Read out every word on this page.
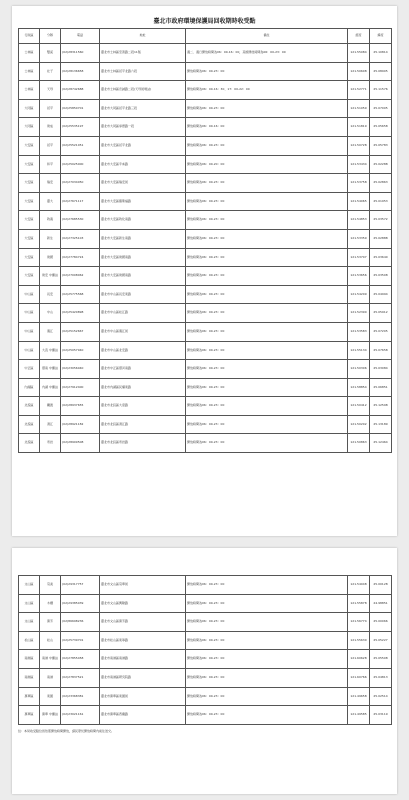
臺北市政府環境保護局回收期時收受點
行政區	分隊	電話	地址	備註	經度	緯度
士林區	雙溪	(02)28311560	臺北市士林區至善路二段11號	週二、週日開放時間為06：00-16：00，其餘開放時間為06：00-23：00	121.55084	25.10814
士林區	社子	(02)28136658	臺北市士林區延平北路六段	開放時間為06：00-23：00	121.50608	25.08905
士林區	天母	(02)28742688	臺北市士林區忠誠路二段(天母街場站)	開放時間為06：00-16：30、17：00-22：00	121.52771	25.11576
大同區	延平	(02)25850701	臺北市大同區延平北路三段	開放時間為06：00-23：00	121.51059	25.07005
大同區	建成	(02)25535197	臺北市大同區承德路一段	開放時間為06：00-16：00	121.51819	25.05658
大安區	延平	(02)25521051	臺北市大安區延平北路	開放時間為06：00-23：00	121.50728	25.05783
大安區	和平	(02)25025000	臺北市大安區辛亥路	開放時間為06：00-20：00	121.53434	25.02288
大安區	瑞安	(02)27034050	臺北市大安區瑞安街	開放時間為06：00-23：00	121.53758	25.02863
大安區	臺大	(02)27671117	臺北市大安區羅斯福路	開放時間為06：00-23：00	121.54065	25.01953
大安區	敦義	(02)27685530	臺北市大安區敦化南路	開放時間為06：00-23：00	121.54853	25.03572
大安區	新生	(02)27325103	臺北市大安區新生南路	開放時間為06：00-23：00	121.53359	25.02888
大安區	建國	(02)27784724	臺北市大安區建國南路	開放時間為06：00-23：00	121.53707	25.03640
大安區	建安 中繼站	(02)27008062	臺北市大安區建國南路	開放時間為06：00-23：00	121.53656	25.03508
中山區	長安	(02)25775568	臺北市中山區長安東路	開放時間為06：00-23：00	121.54209	25.04994
中山區	中山	(02)25420898	臺北市中山區松江路	開放時間為06：00-23：00	121.52390	25.05912
中山區	濱江	(02)25152667	臺北市中山區濱江街	開放時間為06：00-23：00	121.53583	25.07205
中山區	大直 中繼站	(02)25057940	臺北市中山區北安路	開放時間為06：00-23：00	121.55134	25.07658
中正區	環南 中繼站	(02)23056040	臺北市中正區環河南路	開放時間為06：00-23：00	121.50306	25.03084
內湖區	內湖 中繼站	(02)27912400	臺北市內湖區民權東路	開放時間為06：00-23：00	121.58854	25.06851
北投區	關渡	(02)28937655	臺北市北投區大度路	開放時間為06：00-23：00	121.50412	25.12598
北投區	清江	(02)28921182	臺北市北投區清江路	開放時間為06：00-23：00	121.50202	25.13189
北投區	奇岩	(02)28909508	臺北市北投區奇岩路	開放時間為06：00-23：00	121.50863	25.12464
文山區	景美	(02)29317757	臺北市文山區景華街	開放時間為06：00-23：00	121.54048	25.00128
文山區	木柵	(02)29385039	臺北市文山區興隆路	開放時間為06：00-23：00	121.55878	24.98851
文山區	萬芳	(02)86698236	臺北市文山區萬芳路	開放時間為06：00-23：00	121.56774	25.00066
松山區	松山	(02)25739701	臺北市松山區東寧路	開放時間為06：00-23：00	121.55630	25.05227
南港區	南港 中繼站	(02)27855458	臺北市南港區南港路	開放時間為06：00-23：00	121.60628	25.05508
南港區	南港	(02)27837521	臺北市南港區研究院路	開放時間為06：00-23：00	121.60766	25.04813
萬華區	東園	(02)23368381	臺北市萬華區東園街	開放時間為06：00-23：00	121.49658	25.02514
萬華區	萬華 中繼站	(02)23021161	臺北市萬華區西藏路	開放時間為06：00-23：00	121.49585	25.03119
註：本局收受點位皆依照開放時間開放，請民眾於開放時間內前往送交。
